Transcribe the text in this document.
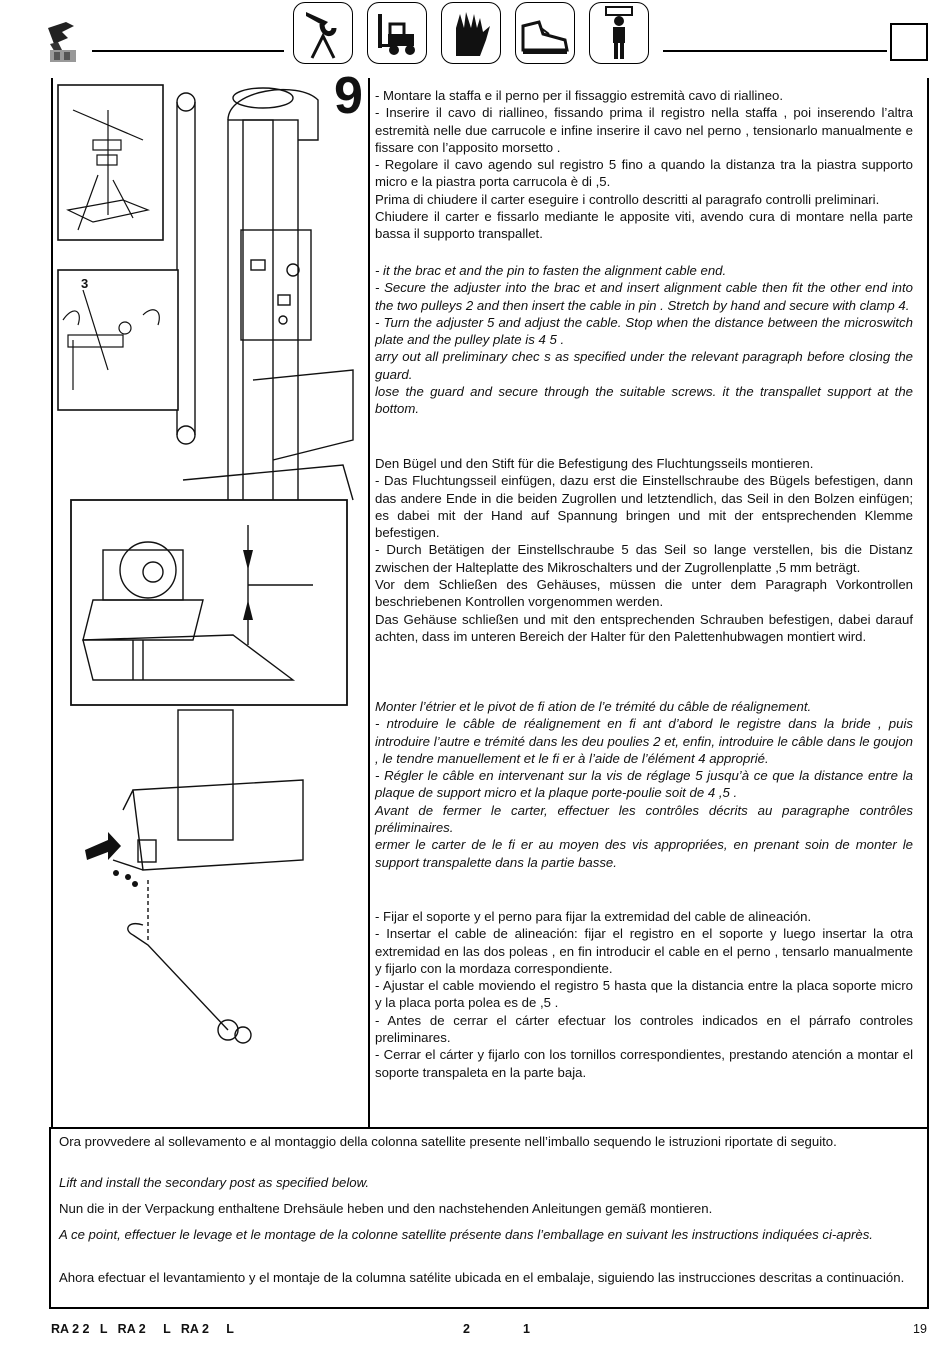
3
9 - Montare la staffa e il perno per il fissaggio estremità cavo di riallineo.

- Inserire il cavo di riallineo, fissando prima il registro nella staffa , poi inserendo l’altra estremità nelle due carrucole e infine inserire il cavo nel perno , tensionarlo manualmente e fissare con l’apposito morsetto .

- Regolare il cavo agendo sul registro 5 fino a quando la distanza tra la piastra supporto micro e la piastra porta carrucola è di ,5.

Prima di chiudere il carter eseguire i controllo descritti al paragrafo controlli preliminari.

Chiudere il carter e fissarlo mediante le apposite viti, avendo cura di montare nella parte bassa il supporto transpallet.

- it the brac et and the pin to fasten the alignment cable end.

- Secure the adjuster into the brac et and insert alignment cable then fit the other end into the two pulleys 2 and then insert the cable in pin . Stretch by hand and secure with clamp 4.

- Turn the adjuster 5 and adjust the cable. Stop when the distance between the microswitch plate and the pulley plate is 4 5 .

arry out all preliminary chec s as specified under the relevant paragraph before closing the guard.

lose the guard and secure through the suitable screws. it the transpallet support at the bottom.

Den Bügel und den Stift für die Befestigung des Fluchtungsseils montieren.

- Das Fluchtungsseil einfügen, dazu erst die Einstellschraube des Bügels befestigen, dann das andere Ende in die beiden Zugrollen und letztendlich, das Seil in den Bolzen einfügen; es dabei mit der Hand auf Spannung bringen und mit der entsprechenden Klemme befestigen.

- Durch Betätigen der Einstellschraube 5 das Seil so lange verstellen, bis die Distanz zwischen der Halteplatte des Mikroschalters und der Zugrollenplatte ,5 mm beträgt.

Vor dem Schließen des Gehäuses, müssen die unter dem Paragraph Vorkontrollen beschriebenen Kontrollen vorgenommen werden.

Das Gehäuse schließen und mit den entsprechenden Schrauben befestigen, dabei darauf achten, dass im unteren Bereich der Halter für den Palettenhubwagen montiert wird.

Monter l’étrier et le pivot de fi ation de l’e trémité du câble de réalignement.

- ntroduire le câble de réalignement en fi ant d’abord le registre dans la bride , puis introduire l’autre e trémité dans les deu poulies 2 et, enfin, introduire le câble dans le goujon , le tendre manuellement et le fi er à l’aide de l’élément 4 approprié.

- Régler le câble en intervenant sur la vis de réglage 5 jusqu’à ce que la distance entre la plaque de support micro et la plaque porte-poulie soit de 4 ,5 .

Avant de fermer le carter, effectuer les contrôles décrits au paragraphe contrôles préliminaires.

ermer le carter de le fi er au moyen des vis appropriées, en prenant soin de monter le support transpalette dans la partie basse.

- Fijar el soporte y el perno para fijar la extremidad del cable de alineación.

- Insertar el cable de alineación: fijar el registro en el soporte y luego insertar la otra extremidad en las dos poleas , en fin introducir el cable en el perno , tensarlo manualmente y fijarlo con la mordaza correspondiente.

- Ajustar el cable moviendo el registro 5 hasta que la distancia entre la placa soporte micro y la placa porta polea es de ,5 .

- Antes de cerrar el cárter efectuar los controles indicados en el párrafo controles preliminares.

- Cerrar el cárter y fijarlo con los tornillos correspondientes, prestando atención a montar el soporte transpaleta en la parte baja.

Ora provvedere al sollevamento e al montaggio della colonna satellite presente nell’imballo sequendo le istruzioni riportate di seguito.
Lift and install the secondary post as specified below.
Nun die in der Verpackung enthaltene Drehsäule heben und den nachstehenden Anleitungen gemäß montieren.
A ce point, effectuer le levage et le montage de la colonne satellite présente dans l’emballage en suivant les instructions indiquées ci-après.
Ahora efectuar el levantamiento y el montaje de la columna satélite ubicada en el embalaje, siguiendo las instrucciones descritas a continuación.
RA 2 2   L   RA 2     L   RA 2     L	2	1	19
